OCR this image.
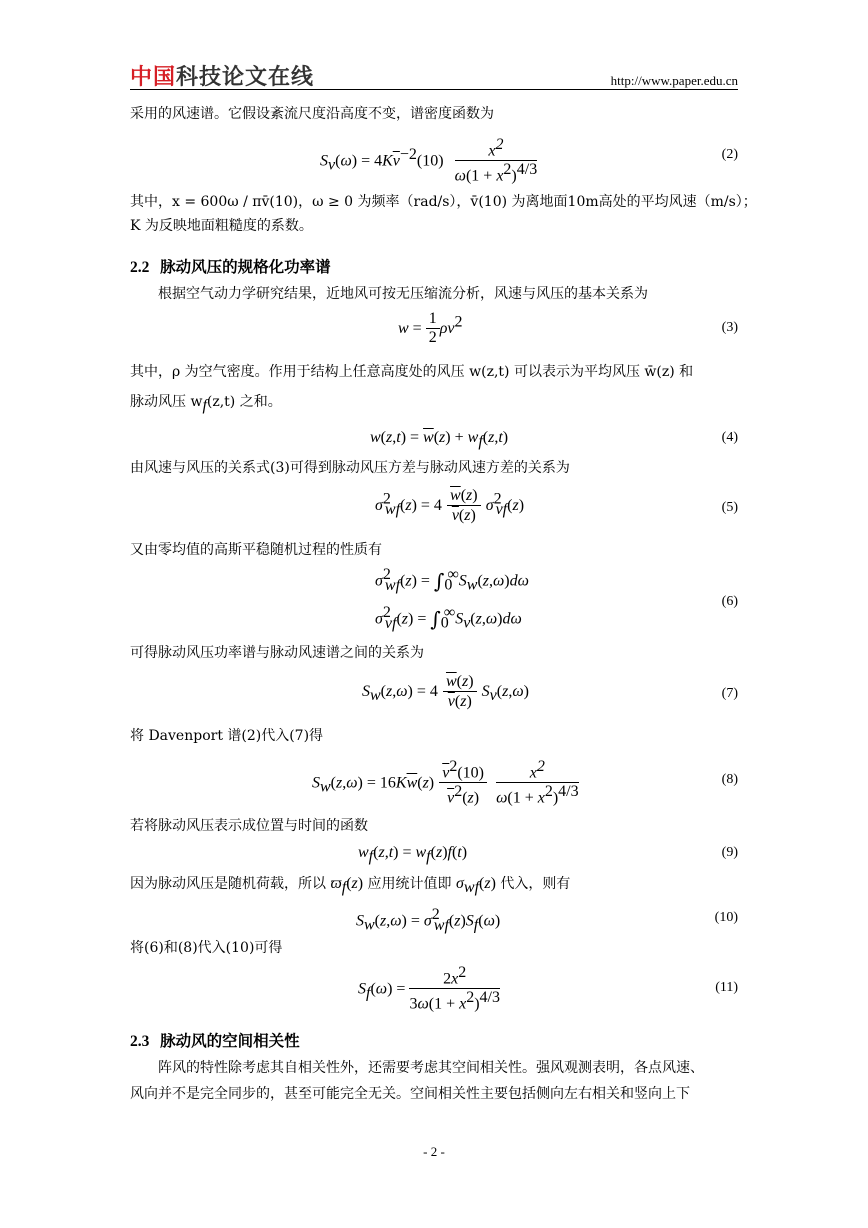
中国科技论文在线	http://www.paper.edu.cn
采用的风速谱。它假设紊流尺度沿高度不变，谱密度函数为
$S_v(\omega) = 4K\overline{v}^{-2}(10) \frac{x^2}{\omega(1 + x^2)^{4/3}}$	(2)
其中，x = 600ω / πv̄(10)，ω ≥ 0 为频率（rad/s），v̄(10) 为离地面10m高处的平均风速（m/s）；
K 为反映地面粗糙度的系数。
2.2 脉动风压的规格化功率谱
根据空气动力学研究结果，近地风可按无压缩流分析，风速与风压的基本关系为
$w = \frac{1}{2} \rho v^2$	(3)
其中，ρ 为空气密度。作用于结构上任意高度处的风压 w(z,t) 可以表示为平均风压 w̄(z) 和
脉动风压 $w_f(z,t)$ 之和。
$w(z,t) = \overline{w}(z) + w_f(z,t)$	(4)
由风速与风压的关系式(3)可得到脉动风压方差与脉动风速方差的关系为
$\sigma^2_{wf}(z) = 4 \frac{\overline{w}(z)}{\overline{v}(z)} \sigma^2_{vf}(z)$	(5)
又由零均值的高斯平稳随机过程的性质有
$\sigma^2_{wf}(z) = \int_0^\infty S_w(z,\omega)d\omega$
$\sigma^2_{vf}(z) = \int_0^\infty S_v(z,\omega)d\omega$
(6)
可得脉动风压功率谱与脉动风速谱之间的关系为
$S_w(z,\omega) = 4 \frac{\overline{w}(z)}{\overline{v}(z)} S_v(z,\omega)$	(7)
将 Davenport 谱(2)代入(7)得
$S_w(z,\omega) = 16K\overline{w}(z) \frac{\overline{v}^2(10)}{\overline{v}^2(z)}$
$\frac{x^2}{\omega(1 + x^2)^{4/3}}$	(8)
若将脉动风压表示成位置与时间的函数
$w_f(z,t) = w_f(z)f(t)$	(9)
因为脉动风压是随机荷载，所以 $ϖ_f(z)$ 应用统计值即 $\sigma_{wf}(z)$ 代入，则有
$S_w(z,\omega) = \sigma^2_{wf}(z)S_f(\omega)$	(10)
将(6)和(8)代入(10)可得
$S_f(\omega) = \frac{2x^2}{3\omega(1 + x^2)^{4/3}}$	(11)
2.3 脉动风的空间相关性
阵风的特性除考虑其自相关性外，还需要考虑其空间相关性。强风观测表明，各点风速、
风向并不是完全同步的，甚至可能完全无关。空间相关性主要包括侧向左右相关和竖向上下
- 2 -
